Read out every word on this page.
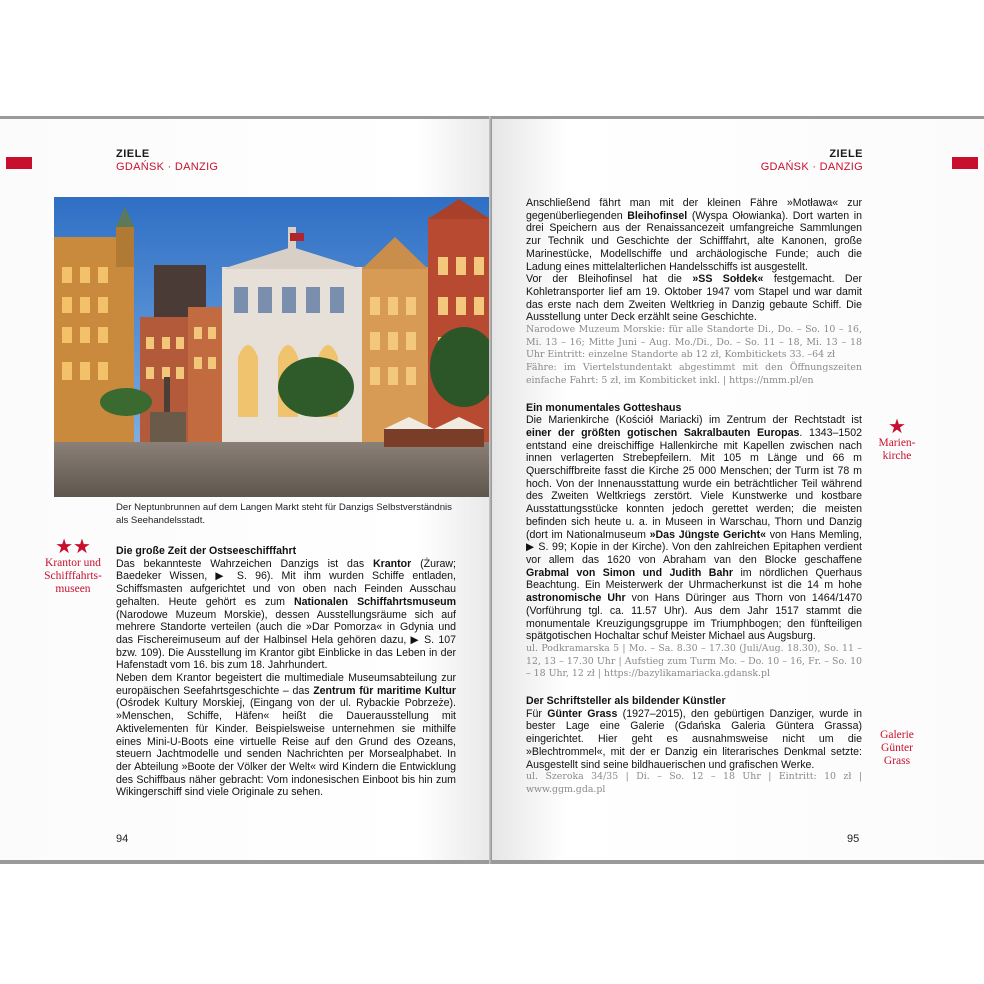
ZIELE
GDAŃSK · DANZIG
Der Neptunbrunnen auf dem Langen Markt steht für Danzigs Selbstverständnis als Seehandelsstadt.
★★
Krantor und Schifffahrts-museen

Die große Zeit der Ostseeschifffahrt

Das bekannteste Wahrzeichen Danzigs ist das Krantor (Żuraw; Baedeker Wissen, ▶ S. 96). Mit ihm wurden Schiffe entladen, Schiffsmasten aufgerichtet und von oben nach Feinden Ausschau gehalten. Heute gehört es zum Nationalen Schiffahrtsmuseum (Narodowe Muzeum Morskie), dessen Ausstellungsräume sich auf mehrere Standorte verteilen (auch die »Dar Pomorza« in Gdynia und das Fischereimuseum auf der Halbinsel Hela gehören dazu, ▶ S. 107 bzw. 109). Die Ausstellung im Krantor gibt Einblicke in das Leben in der Hafenstadt vom 16. bis zum 18. Jahrhundert.

Neben dem Krantor begeistert die multimediale Museumsabteilung zur europäischen Seefahrtsgeschichte – das Zentrum für maritime Kultur (Ośrodek Kultury Morskiej, (Eingang von der ul. Rybackie Pobrzeże). »Menschen, Schiffe, Häfen« heißt die Dauerausstellung mit Aktivelementen für Kinder. Beispielsweise unternehmen sie mithilfe eines Mini-U-Boots eine virtuelle Reise auf den Grund des Ozeans, steuern Jachtmodelle und senden Nachrichten per Morsealphabet. In der Abteilung »Boote der Völker der Welt« wird Kindern die Entwicklung des Schiffbaus näher gebracht: Vom indonesischen Einboot bis hin zum Wikingerschiff sind viele Originale zu sehen.

94
ZIELE
GDAŃSK · DANZIG

Anschließend fährt man mit der kleinen Fähre »Motława« zur gegenüberliegenden Bleihofinsel (Wyspa Ołowianka). Dort warten in drei Speichern aus der Renaissancezeit umfangreiche Sammlungen zur Technik und Geschichte der Schifffahrt, alte Kanonen, große Marinestücke, Modellschiffe und archäologische Funde; auch die Ladung eines mittelalterlichen Handelsschiffs ist ausgestellt.

Vor der Bleihofinsel hat die »SS Sołdek« festgemacht. Der Kohletransporter lief am 19. Oktober 1947 vom Stapel und war damit das erste nach dem Zweiten Weltkrieg in Danzig gebaute Schiff. Die Ausstellung unter Deck erzählt seine Geschichte.

Narodowe Muzeum Morskie: für alle Standorte Di., Do. – So. 10 – 16, Mi. 13 – 16; Mitte Juni – Aug. Mo./Di., Do. – So. 11 – 18, Mi. 13 – 18 Uhr Eintritt: einzelne Standorte ab 12 zł, Kombitickets 33. –64 zł

Fähre: im Viertelstundentakt abgestimmt mit den Öffnungszeiten einfache Fahrt: 5 zł, im Kombiticket inkl. | https://nmm.pl/en

Ein monumentales Gotteshaus

Die Marienkirche (Kościół Mariacki) im Zentrum der Rechtstadt ist einer der größten gotischen Sakralbauten Europas. 1343–1502 entstand eine dreischiffige Hallenkirche mit Kapellen zwischen nach innen verlagerten Strebepfeilern. Mit 105 m Länge und 66 m Querschiffbreite fasst die Kirche 25 000 Menschen; der Turm ist 78 m hoch. Von der Innenausstattung wurde ein beträchtlicher Teil während des Zweiten Weltkriegs zerstört. Viele Kunstwerke und kostbare Ausstattungsstücke konnten jedoch gerettet werden; die meisten befinden sich heute u. a. in Museen in Warschau, Thorn und Danzig (dort im Nationalmuseum »Das Jüngste Gericht« von Hans Memling, ▶ S. 99; Kopie in der Kirche). Von den zahlreichen Epitaphen verdient vor allem das 1620 von Abraham van den Blocke geschaffene Grabmal von Simon und Judith Bahr im nördlichen Querhaus Beachtung. Ein Meisterwerk der Uhrmacherkunst ist die 14 m hohe astronomische Uhr von Hans Düringer aus Thorn von 1464/1470 (Vorführung tgl. ca. 11.57 Uhr). Aus dem Jahr 1517 stammt die monumentale Kreuzigungsgruppe im Triumphbogen; den fünfteiligen spätgotischen Hochaltar schuf Meister Michael aus Augsburg.

ul. Podkramarska 5 | Mo. – Sa. 8.30 – 17.30 (Juli/Aug. 18.30), So. 11 – 12, 13 – 17.30 Uhr | Aufstieg zum Turm Mo. – Do. 10 – 16, Fr. – So. 10 – 18 Uhr, 12 zł | https://bazylikamariacka.gdansk.pl

Der Schriftsteller als bildender Künstler

Für Günter Grass (1927–2015), den gebürtigen Danziger, wurde in bester Lage eine Galerie (Gdańska Galeria Güntera Grassa) eingerichtet. Hier geht es ausnahmsweise nicht um die »Blechtrommel«, mit der er Danzig ein literarisches Denkmal setzte: Ausgestellt sind seine bildhauerischen und grafischen Werke.

ul. Szeroka 34/35 | Di. – So. 12 – 18 Uhr | Eintritt: 10 zł | www.ggm.gda.pl

★
Marien-kirche
Galerie Günter Grass
95
